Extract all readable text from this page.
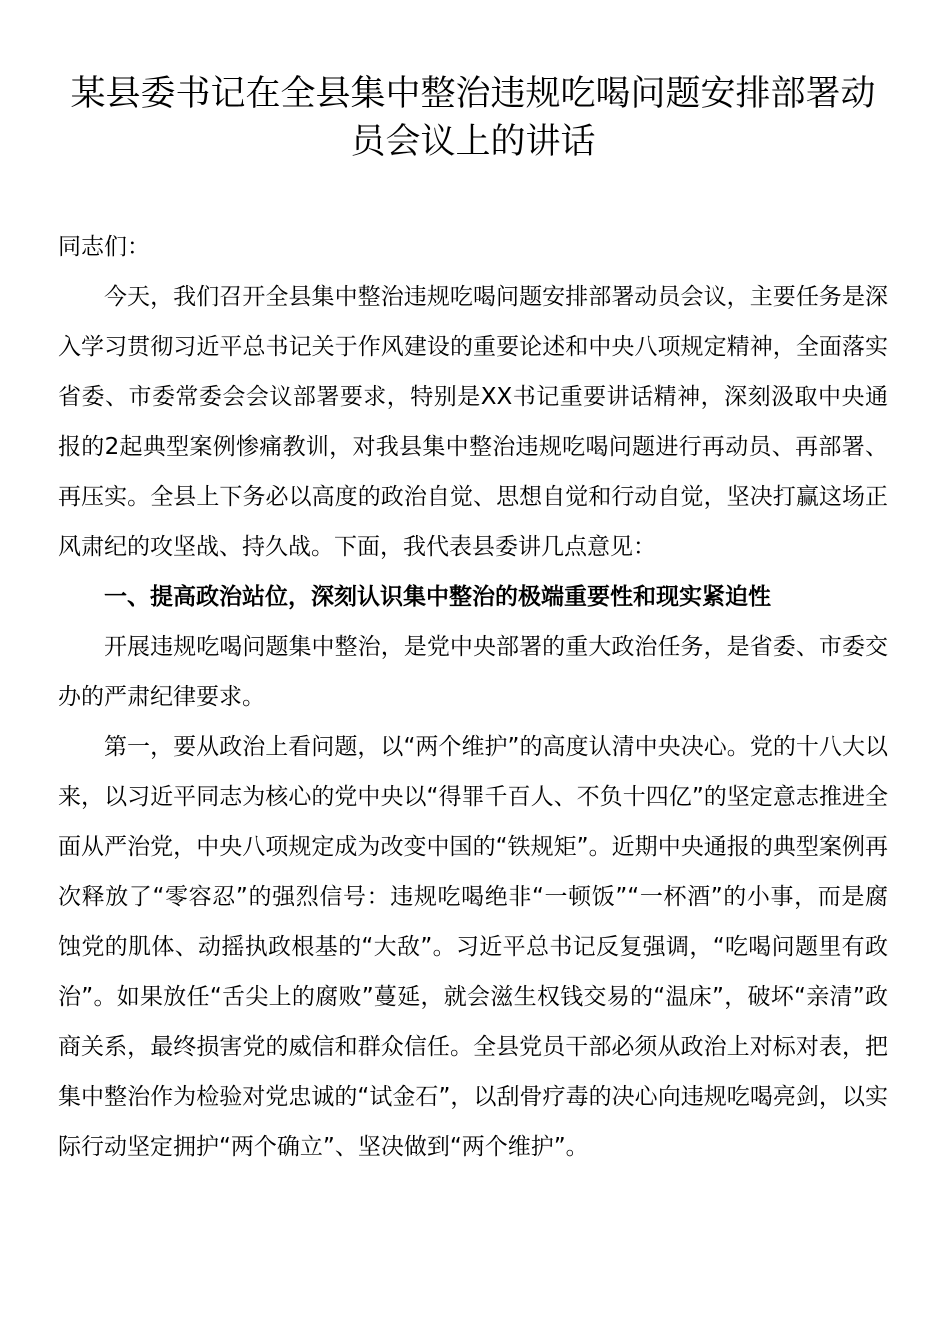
某县委书记在全县集中整治违规吃喝问题安排部署动员会议上的讲话

同志们：

今天，我们召开全县集中整治违规吃喝问题安排部署动员会议，主要任务是深入学习贯彻习近平总书记关于作风建设的重要论述和中央八项规定精神，全面落实省委、市委常委会会议部署要求，特别是XX书记重要讲话精神，深刻汲取中央通报的2起典型案例惨痛教训，对我县集中整治违规吃喝问题进行再动员、再部署、再压实。全县上下务必以高度的政治自觉、思想自觉和行动自觉，坚决打赢这场正风肃纪的攻坚战、持久战。下面，我代表县委讲几点意见：

一、提高政治站位，深刻认识集中整治的极端重要性和现实紧迫性

开展违规吃喝问题集中整治，是党中央部署的重大政治任务，是省委、市委交办的严肃纪律要求。

第一，要从政治上看问题，以“两个维护”的高度认清中央决心。党的十八大以来，以习近平同志为核心的党中央以“得罪千百人、不负十四亿”的坚定意志推进全面从严治党，中央八项规定成为改变中国的“铁规矩”。近期中央通报的典型案例再次释放了“零容忍”的强烈信号：违规吃喝绝非“一顿饭”“一杯酒”的小事，而是腐蚀党的肌体、动摇执政根基的“大敌”。习近平总书记反复强调，“吃喝问题里有政治”。如果放任“舌尖上的腐败”蔓延，就会滋生权钱交易的“温床”，破坏“亲清”政商关系，最终损害党的威信和群众信任。全县党员干部必须从政治上对标对表，把集中整治作为检验对党忠诚的“试金石”，以刮骨疗毒的决心向违规吃喝亮剑，以实际行动坚定拥护“两个确立”、坚决做到“两个维护”。
